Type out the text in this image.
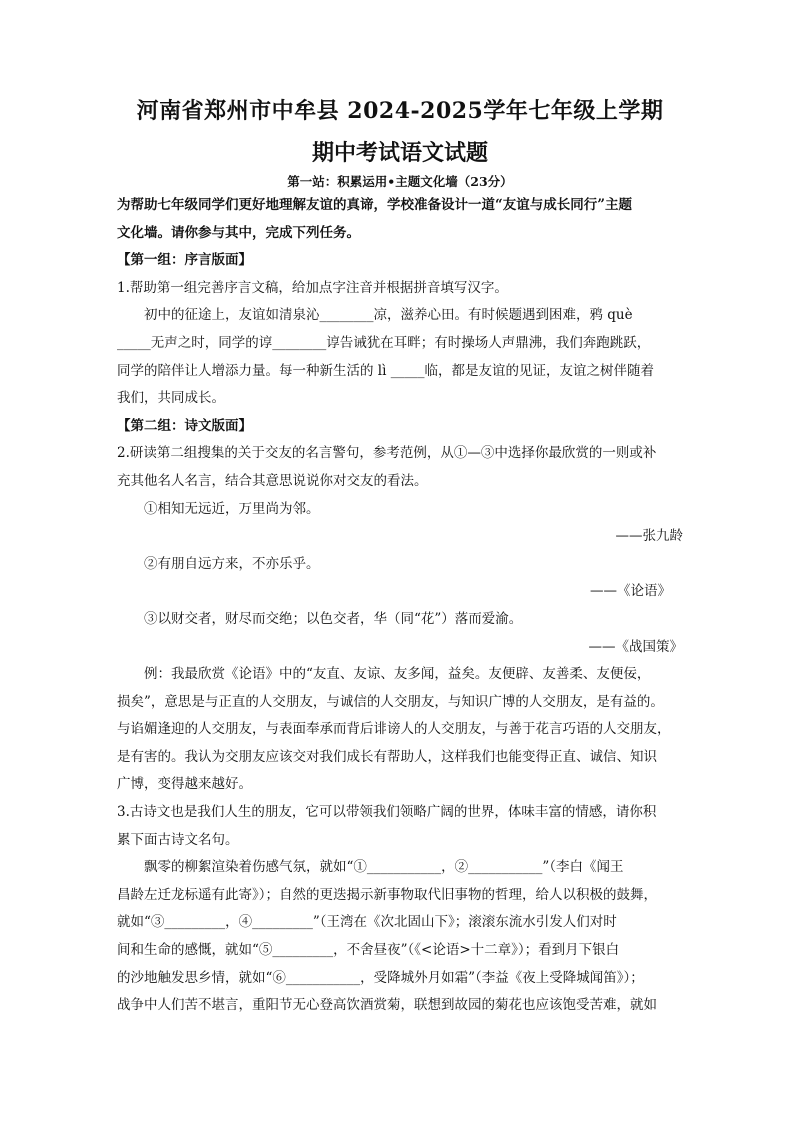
河南省郑州市中牟县 2024-2025学年七年级上学期
期中考试语文试题
第一站：积累运用•主题文化墙（23分）

为帮助七年级同学们更好地理解友谊的真谛，学校准备设计一道“友谊与成长同行”主题

文化墙。请你参与其中，完成下列任务。

【第一组：序言版面】

1.帮助第一组完善序言文稿，给加点字注音并根据拼音填写汉字。

初中的征途上，友谊如清泉沁________凉，滋养心田。有时候题遇到困难，鸦 què

_____无声之时，同学的谆________谆告诫犹在耳畔；有时操场人声鼎沸，我们奔跑跳跃，

同学的陪伴让人增添力量。每一种新生活的 lì _____临，都是友谊的见证，友谊之树伴随着

我们，共同成长。

【第二组：诗文版面】

2.研读第二组搜集的关于交友的名言警句，参考范例，从①—③中选择你最欣赏的一则或补

充其他名人名言，结合其意思说说你对交友的看法。

①相知无远近，万里尚为邻。

——张九龄

②有朋自远方来，不亦乐乎。

——《论语》

③以财交者，财尽而交绝；以色交者，华（同“花”）落而爱渝。

——《战国策》

例：我最欣赏《论语》中的“友直、友谅、友多闻，益矣。友便辟、友善柔、友便佞，

损矣”，意思是与正直的人交朋友，与诚信的人交朋友，与知识广博的人交朋友，是有益的。

与谄媚逢迎的人交朋友，与表面奉承而背后诽谤人的人交朋友，与善于花言巧语的人交朋友，

是有害的。我认为交朋友应该交对我们成长有帮助人，这样我们也能变得正直、诚信、知识

广博，变得越来越好。

3.古诗文也是我们人生的朋友，它可以带领我们领略广阔的世界，体味丰富的情感，请你积

累下面古诗文名句。

飘零的柳絮渲染着伤感气氛，就如“①___________，②___________”（李白《闻王

昌龄左迁龙标遥有此寄》）；自然的更迭揭示新事物取代旧事物的哲理，给人以积极的鼓舞，

就如“③_________，④_________”（王湾在《次北固山下》；滚滚东流水引发人们对时

间和生命的感慨，就如“⑤_________，不舍昼夜”（《<论语>十二章》）；看到月下银白

的沙地触发思乡情，就如“⑥___________，受降城外月如霜”（李益《夜上受降城闻笛》）；

战争中人们苦不堪言，重阳节无心登高饮酒赏菊，联想到故园的菊花也应该饱受苦难，就如
